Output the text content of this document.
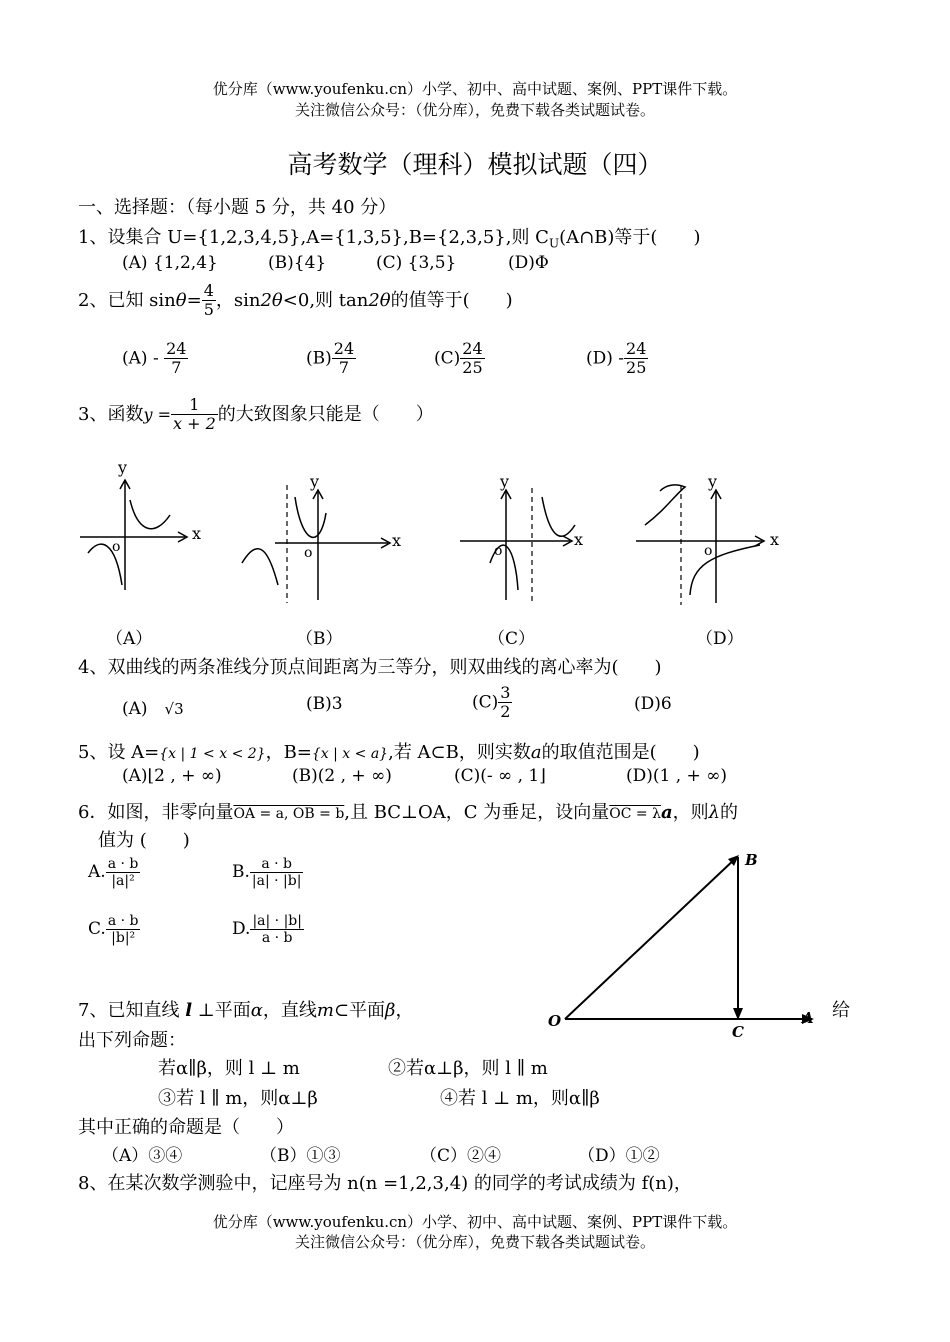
优分库（www.youfenku.cn）小学、初中、高中试题、案例、PPT课件下载。
关注微信公众号：（优分库），免费下载各类试题试卷。
高考数学（理科）模拟试题（四）
一、选择题：（每小题 5 分，共 40 分）
1、设集合 U={1,2,3,4,5},A={1,3,5},B={2,3,5},则 $C_U(A\cap B)$等于(　　)
(A) {1,2,4}	(B){4}	(C) {3,5}	(D)Φ
2、已知 $\sin\theta= \frac{4}{5}$ ，sin2θ<0,则 tan2θ的值等于(　　)
$(A) - \frac{24}{7}$	$(B) \frac{24}{7}$	$(C) \frac{24}{25}$	$(D) - \frac{24}{25}$
3、函数$y = \frac{1}{x + 2}$ 的大致图象只能是（　　）
x
y
o	x
y
o
x
y
o
x
y
o
（A）	（B）	（C）	（D）
4、双曲线的两条准线分顶点间距离为三等分，则双曲线的离心率为(　　)
(A)　 √3	(B)3	$(C) \frac{3}{2}$	(D)6
5、设 A={x | 1 < x < 2}，B={x | x < a},若 A⊂B，则实数a的取值范围是(　　)
(A)⌊2 , + ∞)	(B)(2 , + ∞)	(C)(- ∞ , 1⌋	(D)(1 , + ∞)
6．如图，非零向量OA = a, OB = b,且 BC⊥OA，C 为垂足，设向量OC = λa，则λ的
值为 (　　)
A. $\frac{a \cdot b}{\text{|a|²}}$	B. $\frac{a \cdot b}{|a| \cdot |b|}$
C. $\frac{a \cdot b}{\text{|b|²}}$	D. $\frac{|a| \cdot |b|}{a \cdot b}$
O	A
B
C
7、已知直线 l ⊥平面α，直线m⊂平面β，	给
出下列命题：
若α∥β，则 l ⊥ m	②若α⊥β，则 l ∥ m
③若 l ∥ m，则α⊥β	④若 l ⊥ m，则α∥β
其中正确的命题是（　　）
（A）③④	（B）①③	（C）②④	（D）①②
8、在某次数学测验中，记座号为 n(n =1,2,3,4) 的同学的考试成绩为 f(n)，
优分库（www.youfenku.cn）小学、初中、高中试题、案例、PPT课件下载。
关注微信公众号：（优分库），免费下载各类试题试卷。
